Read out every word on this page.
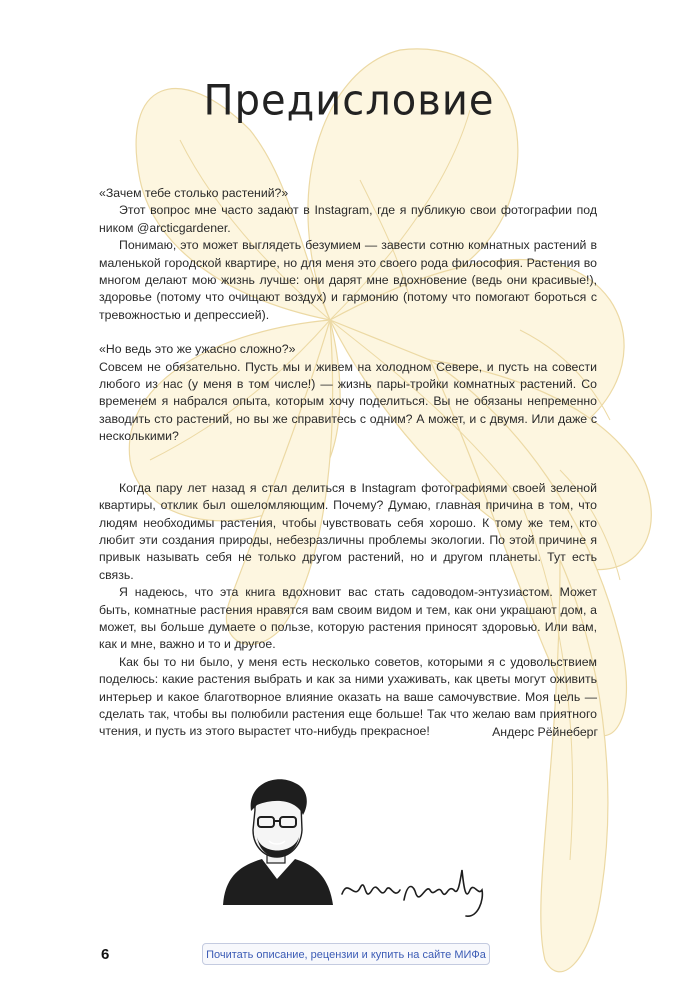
Предисловие

«Зачем тебе столько растений?»

Этот вопрос мне часто задают в Instagram, где я публикую свои фотографии под ником @arcticgardener.

Понимаю, это может выглядеть безумием — завести сотню комнатных растений в маленькой городской квартире, но для меня это своего рода философия. Растения во многом делают мою жизнь лучше: они дарят мне вдохновение (ведь они красивые!), здоровье (потому что очищают воздух) и гармонию (потому что помогают бороться с тревожностью и депрессией).

«Но ведь это же ужасно сложно?»

Совсем не обязательно. Пусть мы и живем на холодном Севере, и пусть на совести любого из нас (у меня в том числе!) — жизнь пары-тройки комнатных растений. Со временем я набрался опыта, которым хочу поделиться. Вы не обязаны непременно заводить сто растений, но вы же справитесь с одним? А может, и с двумя. Или даже с несколькими?

Когда пару лет назад я стал делиться в Instagram фотографиями своей зеленой квартиры, отклик был ошеломляющим. Почему? Думаю, главная причина в том, что людям необходимы растения, чтобы чувствовать себя хорошо. К тому же тем, кто любит эти создания природы, небезразличны проблемы экологии. По этой причине я привык называть себя не только другом растений, но и другом планеты. Тут есть связь.

Я надеюсь, что эта книга вдохновит вас стать садоводом-энтузиастом. Может быть, комнатные растения нравятся вам своим видом и тем, как они украшают дом, а может, вы больше думаете о пользе, которую растения приносят здоровью. Или вам, как и мне, важно и то и другое.

Как бы то ни было, у меня есть несколько советов, которыми я с удовольствием поделюсь: какие растения выбрать и как за ними ухаживать, как цветы могут оживить интерьер и какое благотворное влияние оказать на ваше самочувствие. Моя цель — сделать так, чтобы вы полюбили растения еще больше! Так что желаю вам приятного чтения, и пусть из этого вырастет что-нибудь прекрасное!	Андерс Рёйнеберг
6	Почитать описание, рецензии и купить на сайте МИФа
